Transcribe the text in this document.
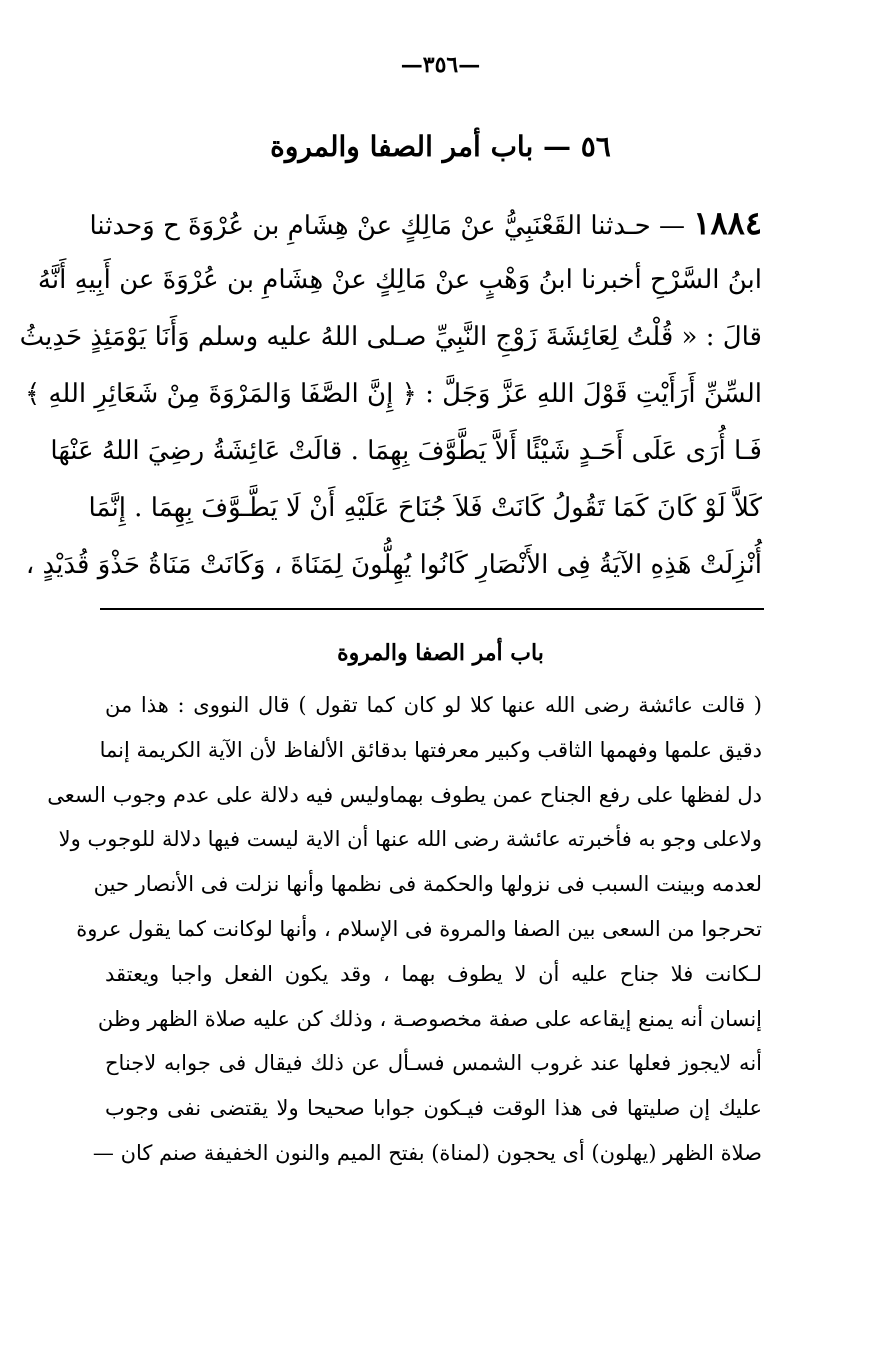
—٣٥٦—
٥٦ — باب أمر الصفا والمروة
١٨٨٤ — حـدثنا القَعْنَبِيُّ عنْ مَالِكٍ عنْ هِشَامِ بن عُرْوَةَ ح وَحدثنا
ابنُ السَّرْحِ أخبرنا ابنُ وَهْبٍ عنْ مَالِكٍ عنْ هِشَامِ بن عُرْوَةَ عن أَبِيهِ أَنَّهُ
قالَ : « قُلْتُ لِعَائِشَةَ زَوْجِ النَّبِيِّ صـلى اللهُ عليه وسلم وَأَنَا يَوْمَئِذٍ حَدِيثُ
السِّنِّ أَرَأَيْتِ قَوْلَ اللهِ عَزَّ وَجَلَّ : ﴿ إِنَّ الصَّفَا وَالمَرْوَةَ مِنْ شَعَائِرِ اللهِ ﴾
فَـا أُرَى عَلَى أَحَـدٍ شَيْئًا أَلاَّ يَطَّوَّفَ بِهِمَا . قالَتْ عَائِشَةُ رضِيَ اللهُ عَنْهَا
كَلاَّ لَوْ كَانَ كَمَا تَقُولُ كَانَتْ فَلاَ جُنَاحَ عَلَيْهِ أَنْ لَا يَطَّـوَّفَ بِهِمَا . إِنَّمَا
أُنْزِلَتْ هَذِهِ الآيَةُ فِى الأَنْصَارِ كَانُوا يُهِلُّونَ لِمَنَاةَ ، وَكَانَتْ مَنَاةُ حَذْوَ قُدَيْدٍ ،
باب أمر الصفا والمروة
( قالت عائشة رضى الله عنها كلا لو كان كما تقول ) قال النووى : هذا من
دقيق علمها وفهمها الثاقب وكبير معرفتها بدقائق الألفاظ لأن الآية الكريمة إنما
دل لفظها على رفع الجناح عمن يطوف بهماوليس فيه دلالة على عدم وجوب السعى
ولاعلى وجو به فأخبرته عائشة رضى الله عنها أن الاية ليست فيها دلالة للوجوب ولا
لعدمه وبينت السبب فى نزولها والحكمة فى نظمها وأنها نزلت فى الأنصار حين
تحرجوا من السعى بين الصفا والمروة فى الإسلام ، وأنها لوكانت كما يقول عروة
لـكانت فلا جناح عليه أن لا يطوف بهما ، وقد يكون الفعل واجبا ويعتقد
إنسان أنه يمنع إيقاعه على صفة مخصوصـة ، وذلك كن عليه صلاة الظهر وظن
أنه لايجوز فعلها عند غروب الشمس فسـأل عن ذلك فيقال فى جوابه لاجناح
عليك إن صليتها فى هذا الوقت فيـكون جوابا صحيحا ولا يقتضى نفى وجوب
صلاة الظهر (يهلون) أى يحجون (لمناة) بفتح الميم والنون الخفيفة صنم كان —
